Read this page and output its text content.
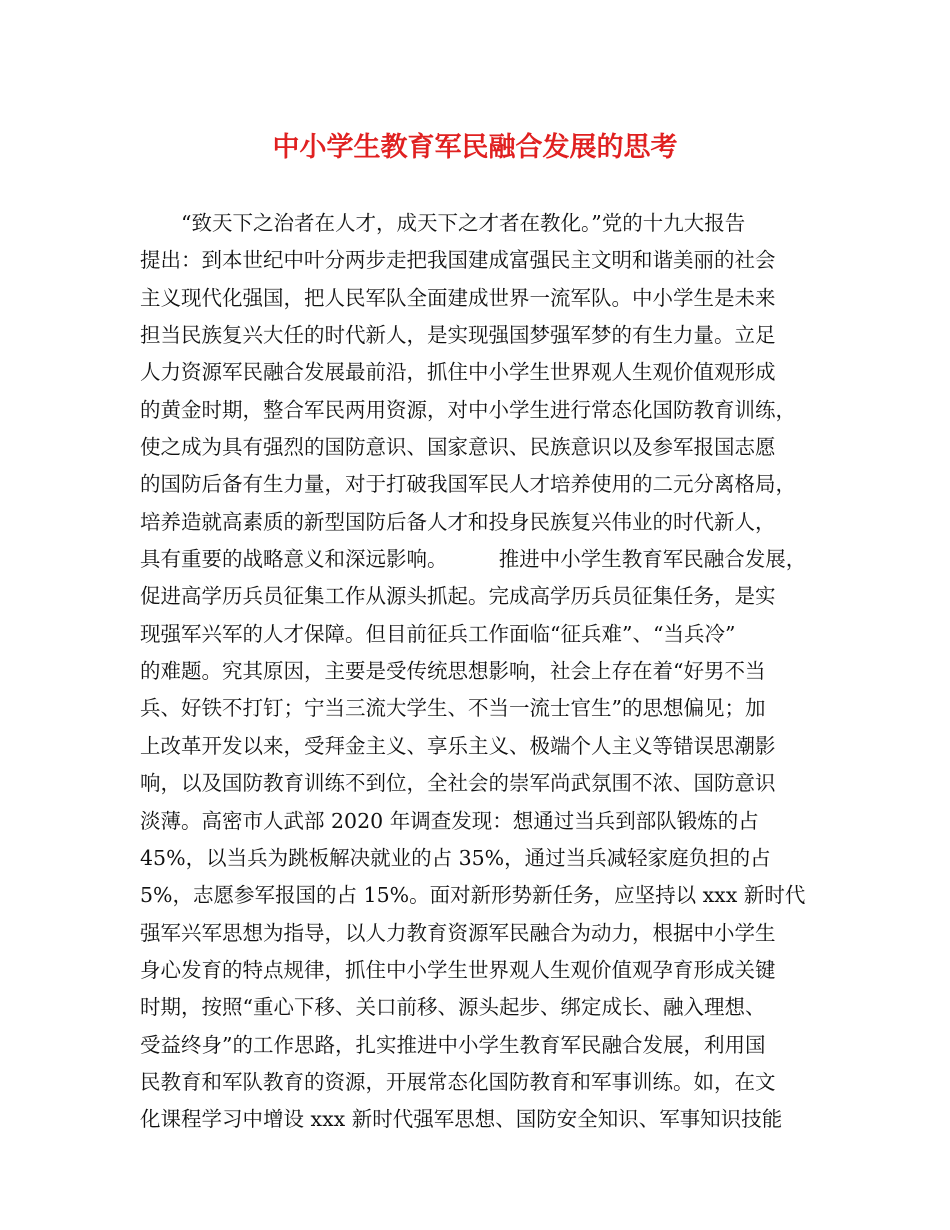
中小学生教育军民融合发展的思考
　　“致天下之治者在人才，成天下之才者在教化。”党的十九大报告
提出：到本世纪中叶分两步走把我国建成富强民主文明和谐美丽的社会
主义现代化强国，把人民军队全面建成世界一流军队。中小学生是未来
担当民族复兴大任的时代新人，是实现强国梦强军梦的有生力量。立足
人力资源军民融合发展最前沿，抓住中小学生世界观人生观价值观形成
的黄金时期，整合军民两用资源，对中小学生进行常态化国防教育训练，
使之成为具有强烈的国防意识、国家意识、民族意识以及参军报国志愿
的国防后备有生力量，对于打破我国军民人才培养使用的二元分离格局，
培养造就高素质的新型国防后备人才和投身民族复兴伟业的时代新人，
具有重要的战略意义和深远影响。　　　推进中小学生教育军民融合发展，
促进高学历兵员征集工作从源头抓起。完成高学历兵员征集任务，是实
现强军兴军的人才保障。但目前征兵工作面临“征兵难”、“当兵冷”
的难题。究其原因，主要是受传统思想影响，社会上存在着“好男不当
兵、好铁不打钉；宁当三流大学生、不当一流士官生”的思想偏见；加
上改革开发以来，受拜金主义、享乐主义、极端个人主义等错误思潮影
响，以及国防教育训练不到位，全社会的崇军尚武氛围不浓、国防意识
淡薄。高密市人武部 2020 年调查发现：想通过当兵到部队锻炼的占
45%，以当兵为跳板解决就业的占 35%，通过当兵减轻家庭负担的占
5%，志愿参军报国的占 15%。面对新形势新任务，应坚持以 xxx 新时代
强军兴军思想为指导，以人力教育资源军民融合为动力，根据中小学生
身心发育的特点规律，抓住中小学生世界观人生观价值观孕育形成关键
时期，按照“重心下移、关口前移、源头起步、绑定成长、融入理想、
受益终身”的工作思路，扎实推进中小学生教育军民融合发展，利用国
民教育和军队教育的资源，开展常态化国防教育和军事训练。如，在文
化课程学习中增设 xxx 新时代强军思想、国防安全知识、军事知识技能
